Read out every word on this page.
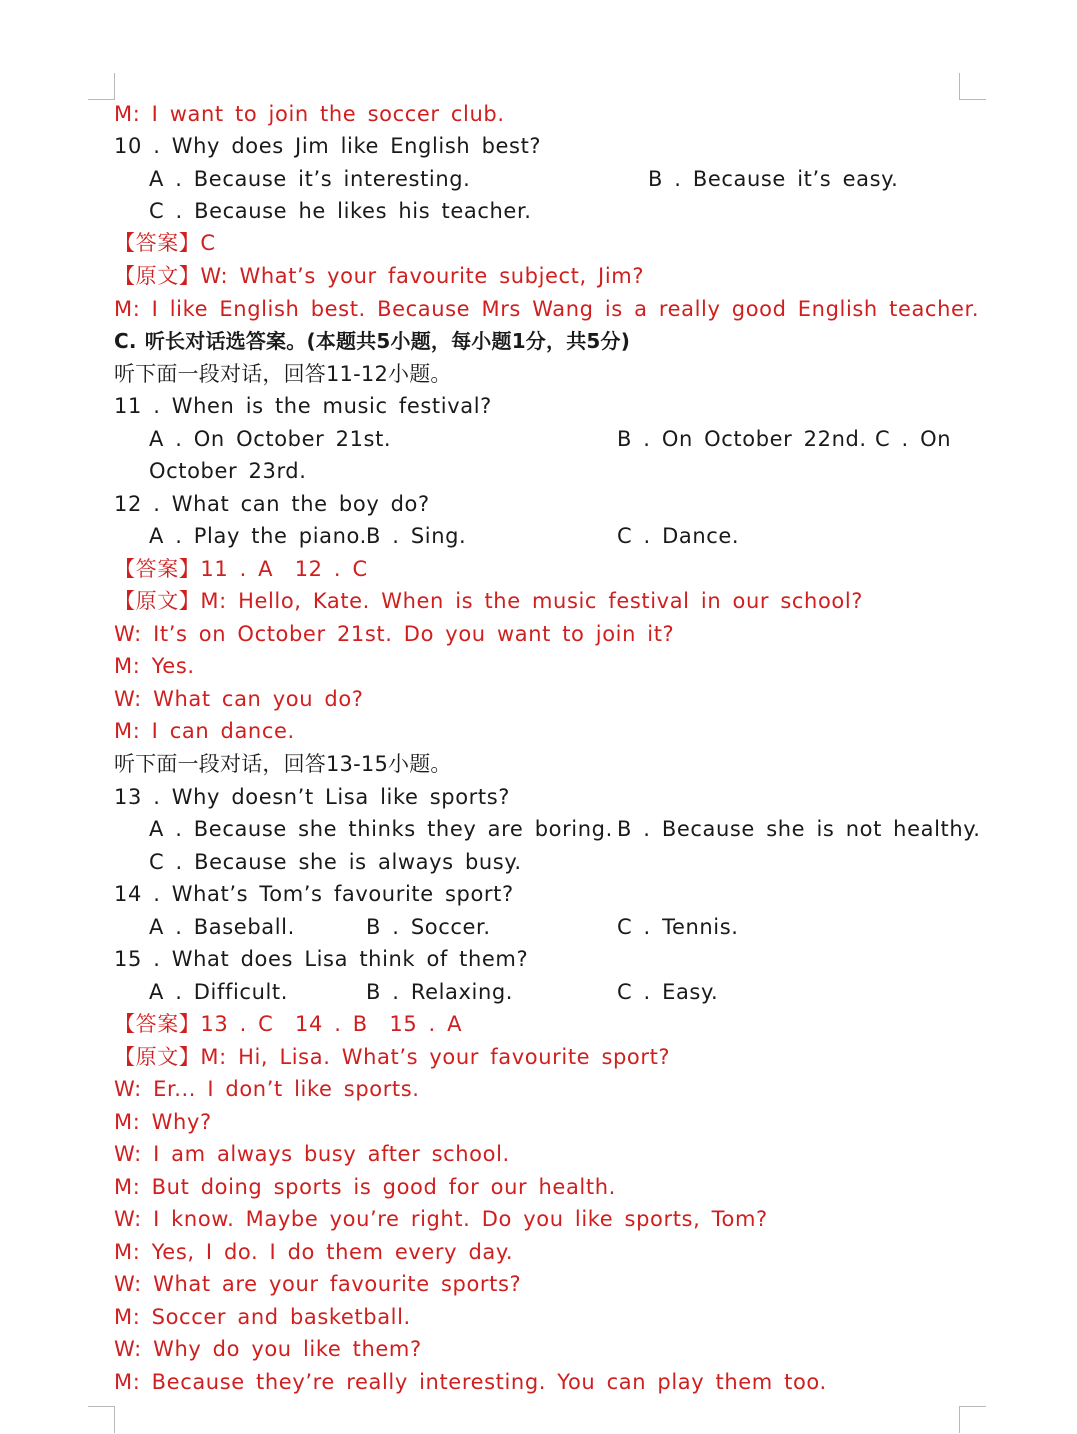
M: I want to join the soccer club.
10 . Why does Jim like English best?
A . Because it’s interesting.	B . Because it’s easy.
C . Because he likes his teacher.
【答案】C
【原文】W: What’s your favourite subject, Jim?
M: I like English best. Because Mrs Wang is a really good English teacher.
C. 听长对话选答案。(本题共5小题，每小题1分，共5分)
听下面一段对话，回答11-12小题。
11 . When is the music festival?
A . On October 21st.	B . On October 22nd. C . On
October 23rd.
12 . What can the boy do?
A . Play the piano. B . Sing.	C . Dance.
【答案】11 . A　12 . C
【原文】M: Hello, Kate. When is the music festival in our school?
W: It’s on October 21st. Do you want to join it?
M: Yes.
W: What can you do?
M: I can dance.
听下面一段对话，回答13-15小题。
13 . Why doesn’t Lisa like sports?
A . Because she thinks they are boring. B . Because she is not healthy.
C . Because she is always busy.
14 . What’s Tom’s favourite sport?
A . Baseball.	B . Soccer.	C . Tennis.
15 . What does Lisa think of them?
A . Difficult.	B . Relaxing.	C . Easy.
【答案】13 . C　14 . B　15 . A
【原文】M: Hi, Lisa. What’s your favourite sport?
W: Er... I don’t like sports.
M: Why?
W: I am always busy after school.
M: But doing sports is good for our health.
W: I know. Maybe you’re right. Do you like sports, Tom?
M: Yes, I do. I do them every day.
W: What are your favourite sports?
M: Soccer and basketball.
W: Why do you like them?
M: Because they’re really interesting. You can play them too.
